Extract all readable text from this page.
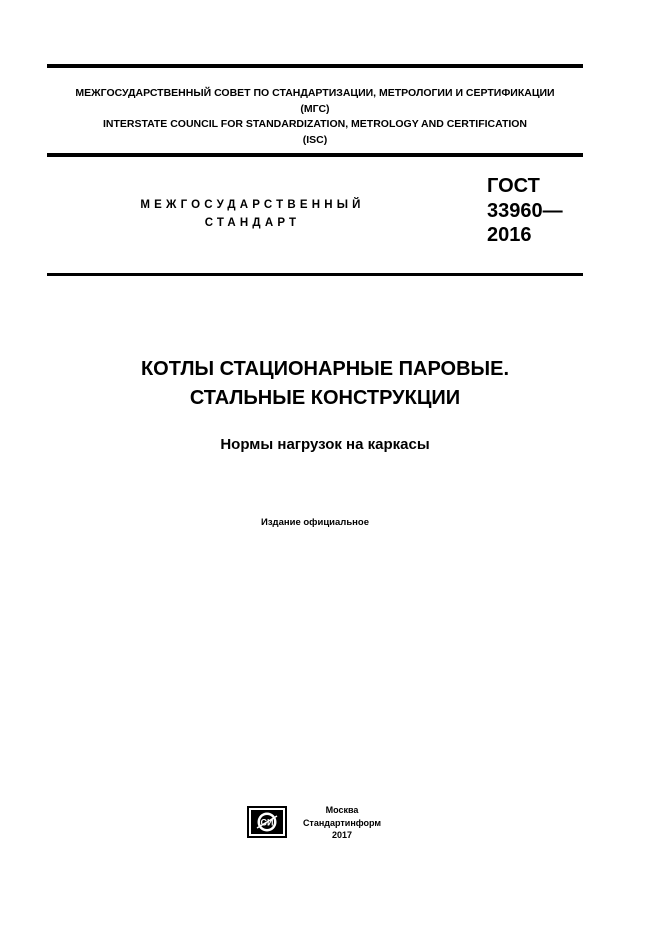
МЕЖГОСУДАРСТВЕННЫЙ СОВЕТ ПО СТАНДАРТИЗАЦИИ, МЕТРОЛОГИИ И СЕРТИФИКАЦИИ
(МГС)
INTERSTATE COUNCIL FOR STANDARDIZATION, METROLOGY AND CERTIFICATION
(ISC)
МЕЖГОСУДАРСТВЕННЫЙ
СТАНДАРТ
ГОСТ
33960—
2016
КОТЛЫ СТАЦИОНАРНЫЕ ПАРОВЫЕ.
СТАЛЬНЫЕ КОНСТРУКЦИИ
Нормы нагрузок на каркасы
Издание официальное
СИ
Москва
Стандартинформ
2017
